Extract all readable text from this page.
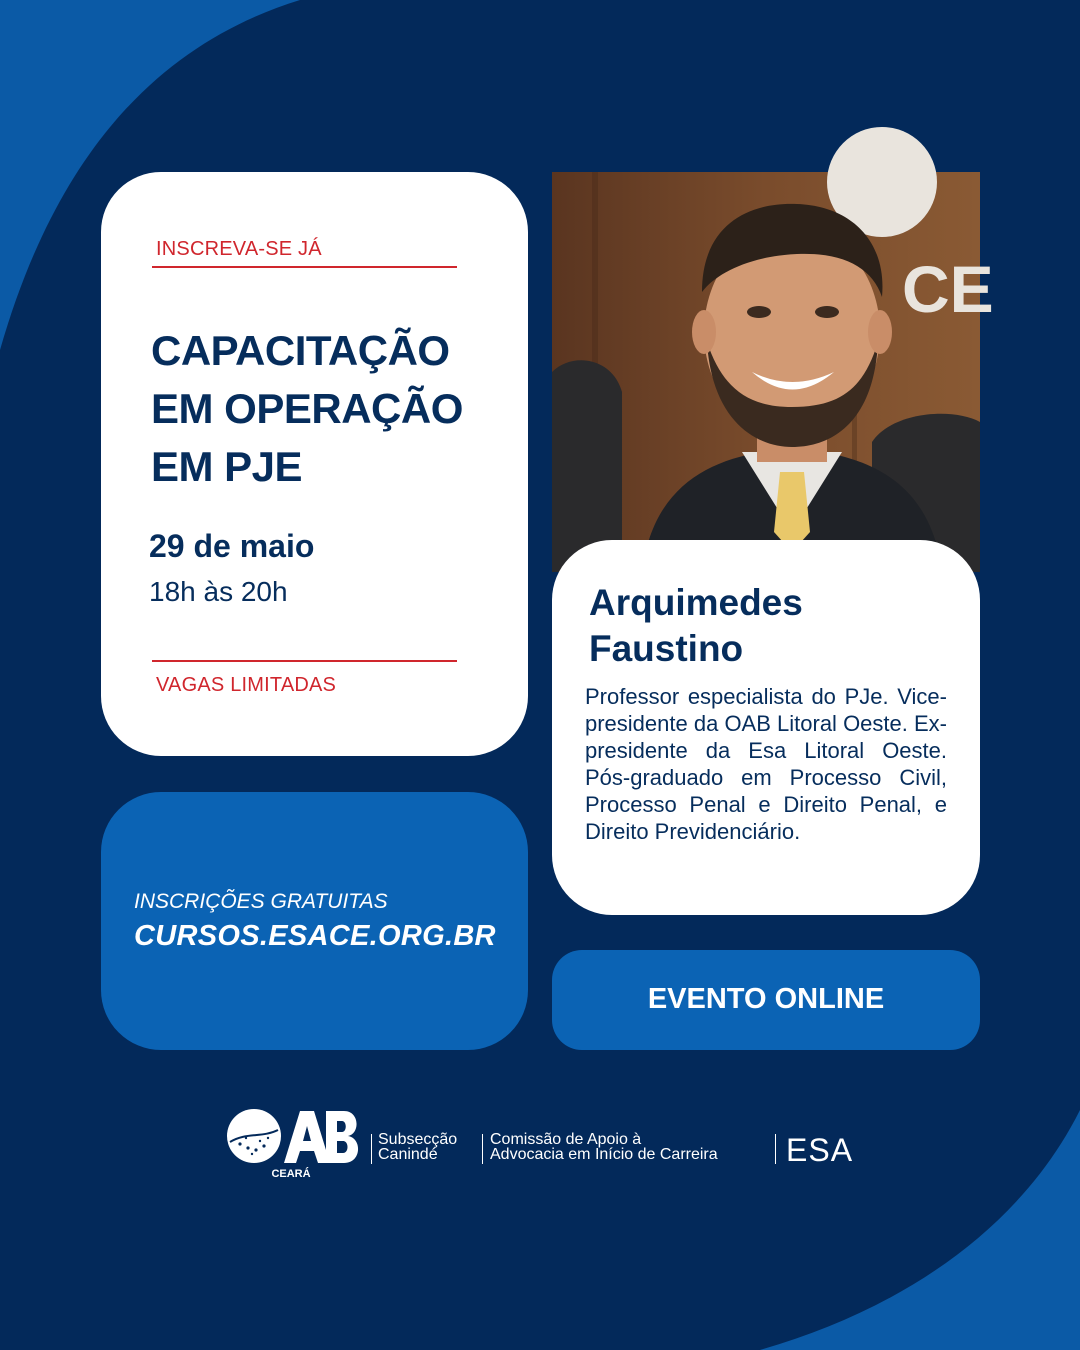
INSCREVA-SE JÁ
CAPACITAÇÃO
EM OPERAÇÃO
EM PJE
29 de maio
18h às 20h
VAGAS LIMITADAS
INSCRIÇÕES GRATUITAS
CURSOS.ESACE.ORG.BR
CE
Arquimedes
Faustino

Professor especialista do PJe. Vice-presidente da OAB Litoral Oeste. Ex-presidente da Esa Litoral Oeste. Pós-graduado em Processo Civil, Processo Penal e Direito Penal, e Direito Previdenciário.

EVENTO ONLINE
CEARÁ
Subsecção
Canindé
Comissão de Apoio à
Advocacia em Início de Carreira ESA
